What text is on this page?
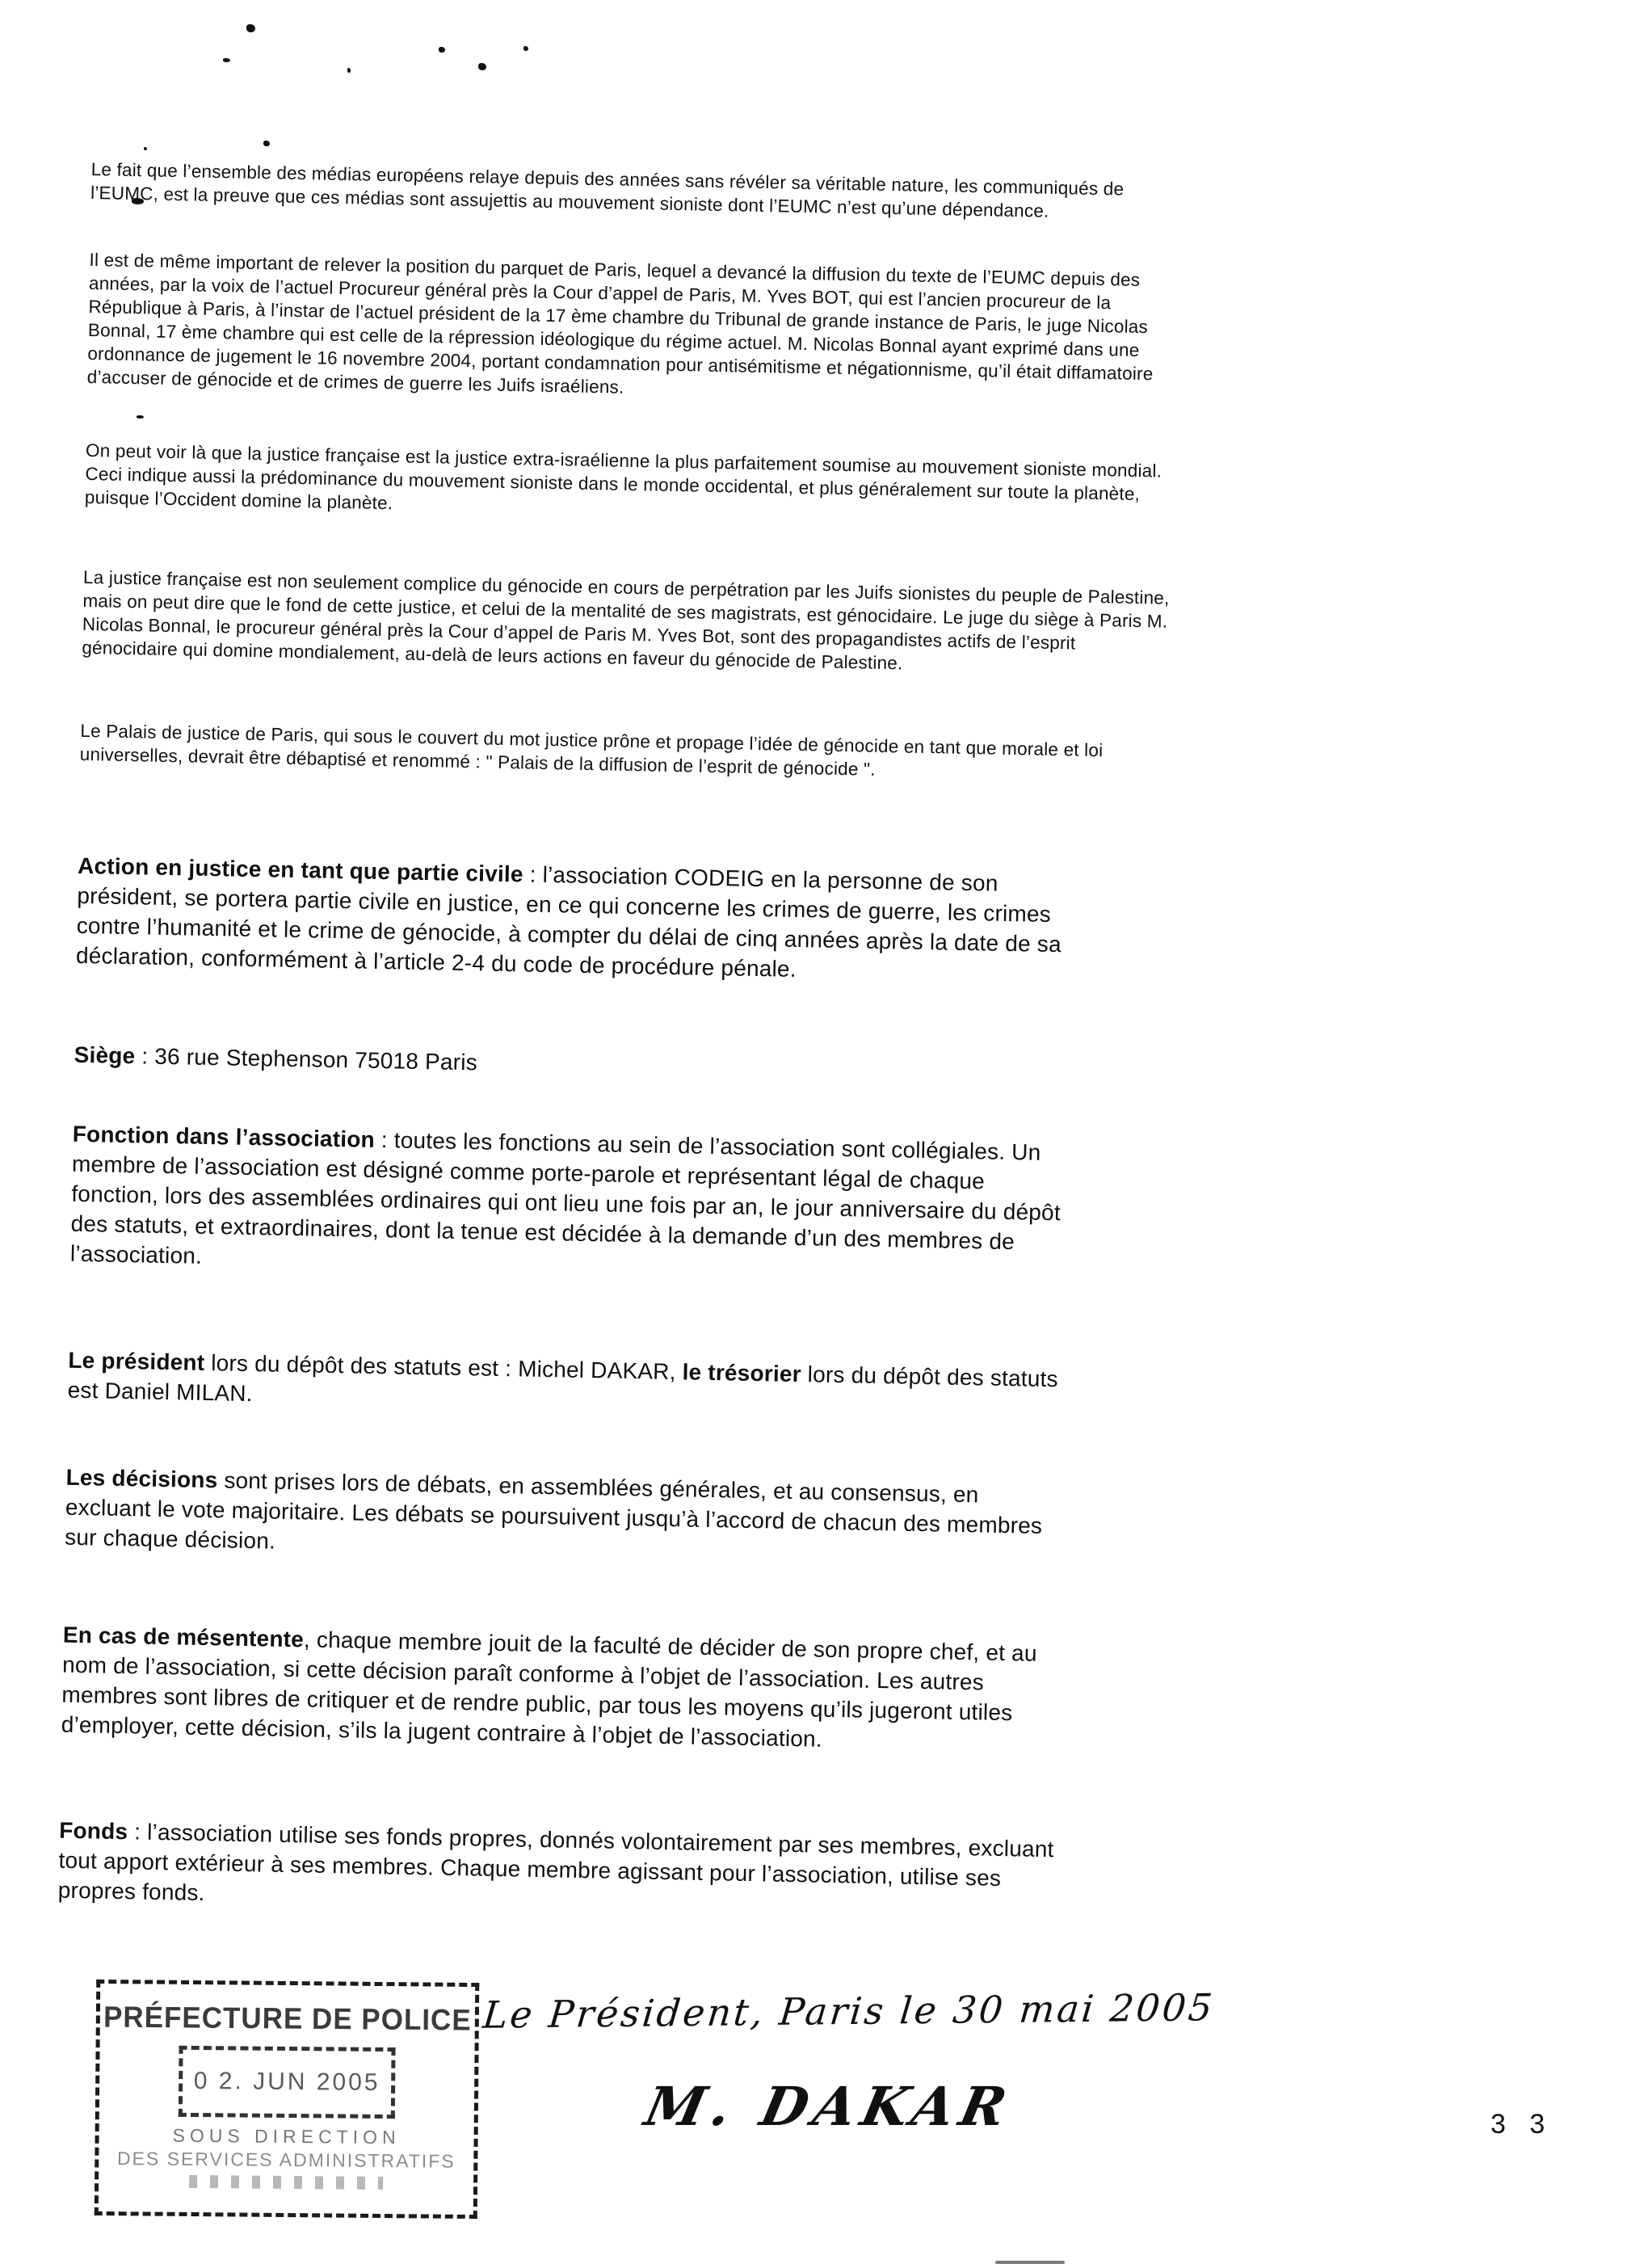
Le fait que l’ensemble des médias européens relaye depuis des années sans révéler sa véritable nature, les communiqués de l’EUMC, est la preuve que ces médias sont assujettis au mouvement sioniste dont l’EUMC n’est qu’une dépendance.

Il est de même important de relever la position du parquet de Paris, lequel a devancé la diffusion du texte de l’EUMC depuis des années, par la voix de l’actuel Procureur général près la Cour d’appel de Paris, M. Yves BOT, qui est l’ancien procureur de la République à Paris, à l’instar de l’actuel président de la 17 ème chambre du Tribunal de grande instance de Paris, le juge Nicolas Bonnal, 17 ème chambre qui est celle de la répression idéologique du régime actuel. M. Nicolas Bonnal ayant exprimé dans une ordonnance de jugement le 16 novembre 2004, portant condamnation pour antisémitisme et négationnisme, qu’il était diffamatoire d’accuser de génocide et de crimes de guerre les Juifs israéliens.

On peut voir là que la justice française est la justice extra-israélienne la plus parfaitement soumise au mouvement sioniste mondial. Ceci indique aussi la prédominance du mouvement sioniste dans le monde occidental, et plus généralement sur toute la planète, puisque l’Occident domine la planète.

La justice française est non seulement complice du génocide en cours de perpétration par les Juifs sionistes du peuple de Palestine, mais on peut dire que le fond de cette justice, et celui de la mentalité de ses magistrats, est génocidaire. Le juge du siège à Paris M. Nicolas Bonnal, le procureur général près la Cour d’appel de Paris M. Yves Bot, sont des propagandistes actifs de l’esprit génocidaire qui domine mondialement, au-delà de leurs actions en faveur du génocide de Palestine.

Le Palais de justice de Paris, qui sous le couvert du mot justice prône et propage l’idée de génocide en tant que morale et loi universelles, devrait être débaptisé et renommé : " Palais de la diffusion de l’esprit de génocide ".

Action en justice en tant que partie civile : l’association CODEIG en la personne de son président, se portera partie civile en justice, en ce qui concerne les crimes de guerre, les crimes contre l’humanité et le crime de génocide, à compter du délai de cinq années après la date de sa déclaration, conformément à l’article 2-4 du code de procédure pénale.

Siège : 36 rue Stephenson 75018 Paris

Fonction dans l’association : toutes les fonctions au sein de l’association sont collégiales. Un membre de l’association est désigné comme porte-parole et représentant légal de chaque fonction, lors des assemblées ordinaires qui ont lieu une fois par an, le jour anniversaire du dépôt des statuts, et extraordinaires, dont la tenue est décidée à la demande d’un des membres de l’association.

Le président lors du dépôt des statuts est : Michel DAKAR, le trésorier lors du dépôt des statuts est Daniel MILAN.

Les décisions sont prises lors de débats, en assemblées générales, et au consensus, en excluant le vote majoritaire. Les débats se poursuivent jusqu’à l’accord de chacun des membres sur chaque décision.

En cas de mésentente, chaque membre jouit de la faculté de décider de son propre chef, et au nom de l’association, si cette décision paraît conforme à l’objet de l’association. Les autres membres sont libres de critiquer et de rendre public, par tous les moyens qu’ils jugeront utiles d’employer, cette décision, s’ils la jugent contraire à l’objet de l’association.

Fonds : l’association utilise ses fonds propres, donnés volontairement par ses membres, excluant tout apport extérieur à ses membres. Chaque membre agissant pour l’association, utilise ses propres fonds.

PRÉFECTURE DE POLICE
0 2. JUN 2005
SOUS DIRECTION
DES SERVICES ADMINISTRATIFS
Le Président, Paris le 30 mai 2005
M. DAKAR	3 3
